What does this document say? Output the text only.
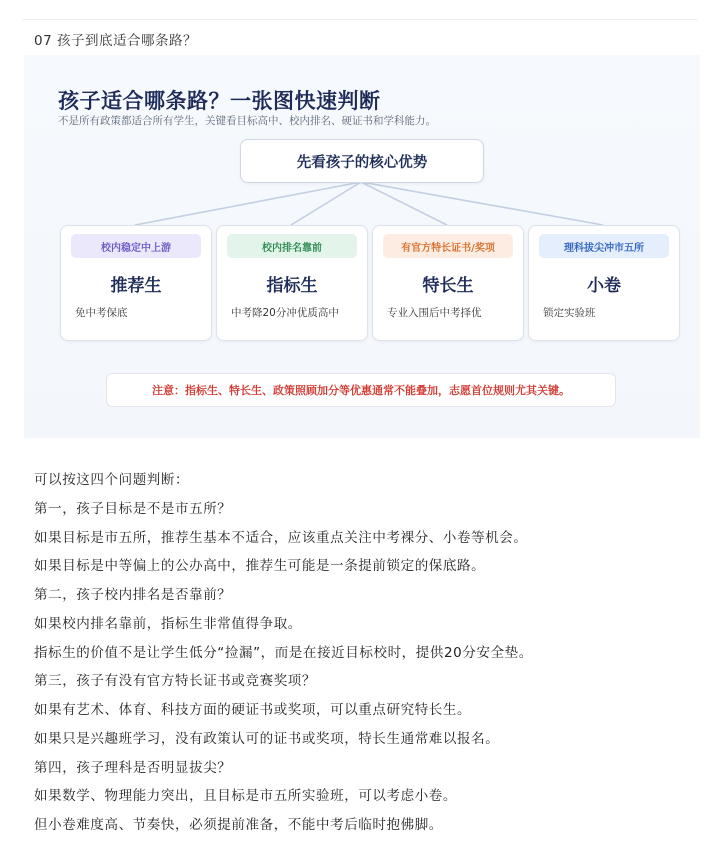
07 孩子到底适合哪条路？
孩子适合哪条路？一张图快速判断
不是所有政策都适合所有学生，关键看目标高中、校内排名、硬证书和学科能力。
先看孩子的核心优势
校内稳定中上游
推荐生
免中考保底
校内排名靠前
指标生
中考降20分冲优质高中
有官方特长证书/奖项
特长生
专业入围后中考择优
理科拔尖冲市五所
小卷
锁定实验班
注意：指标生、特长生、政策照顾加分等优惠通常不能叠加，志愿首位规则尤其关键。
可以按这四个问题判断：
第一，孩子目标是不是市五所？
如果目标是市五所，推荐生基本不适合，应该重点关注中考裸分、小卷等机会。
如果目标是中等偏上的公办高中，推荐生可能是一条提前锁定的保底路。
第二，孩子校内排名是否靠前？
如果校内排名靠前，指标生非常值得争取。
指标生的价值不是让学生低分“捡漏”，而是在接近目标校时，提供20分安全垫。
第三，孩子有没有官方特长证书或竞赛奖项？
如果有艺术、体育、科技方面的硬证书或奖项，可以重点研究特长生。
如果只是兴趣班学习，没有政策认可的证书或奖项，特长生通常难以报名。
第四，孩子理科是否明显拔尖？
如果数学、物理能力突出，且目标是市五所实验班，可以考虑小卷。
但小卷难度高、节奏快，必须提前准备，不能中考后临时抱佛脚。
